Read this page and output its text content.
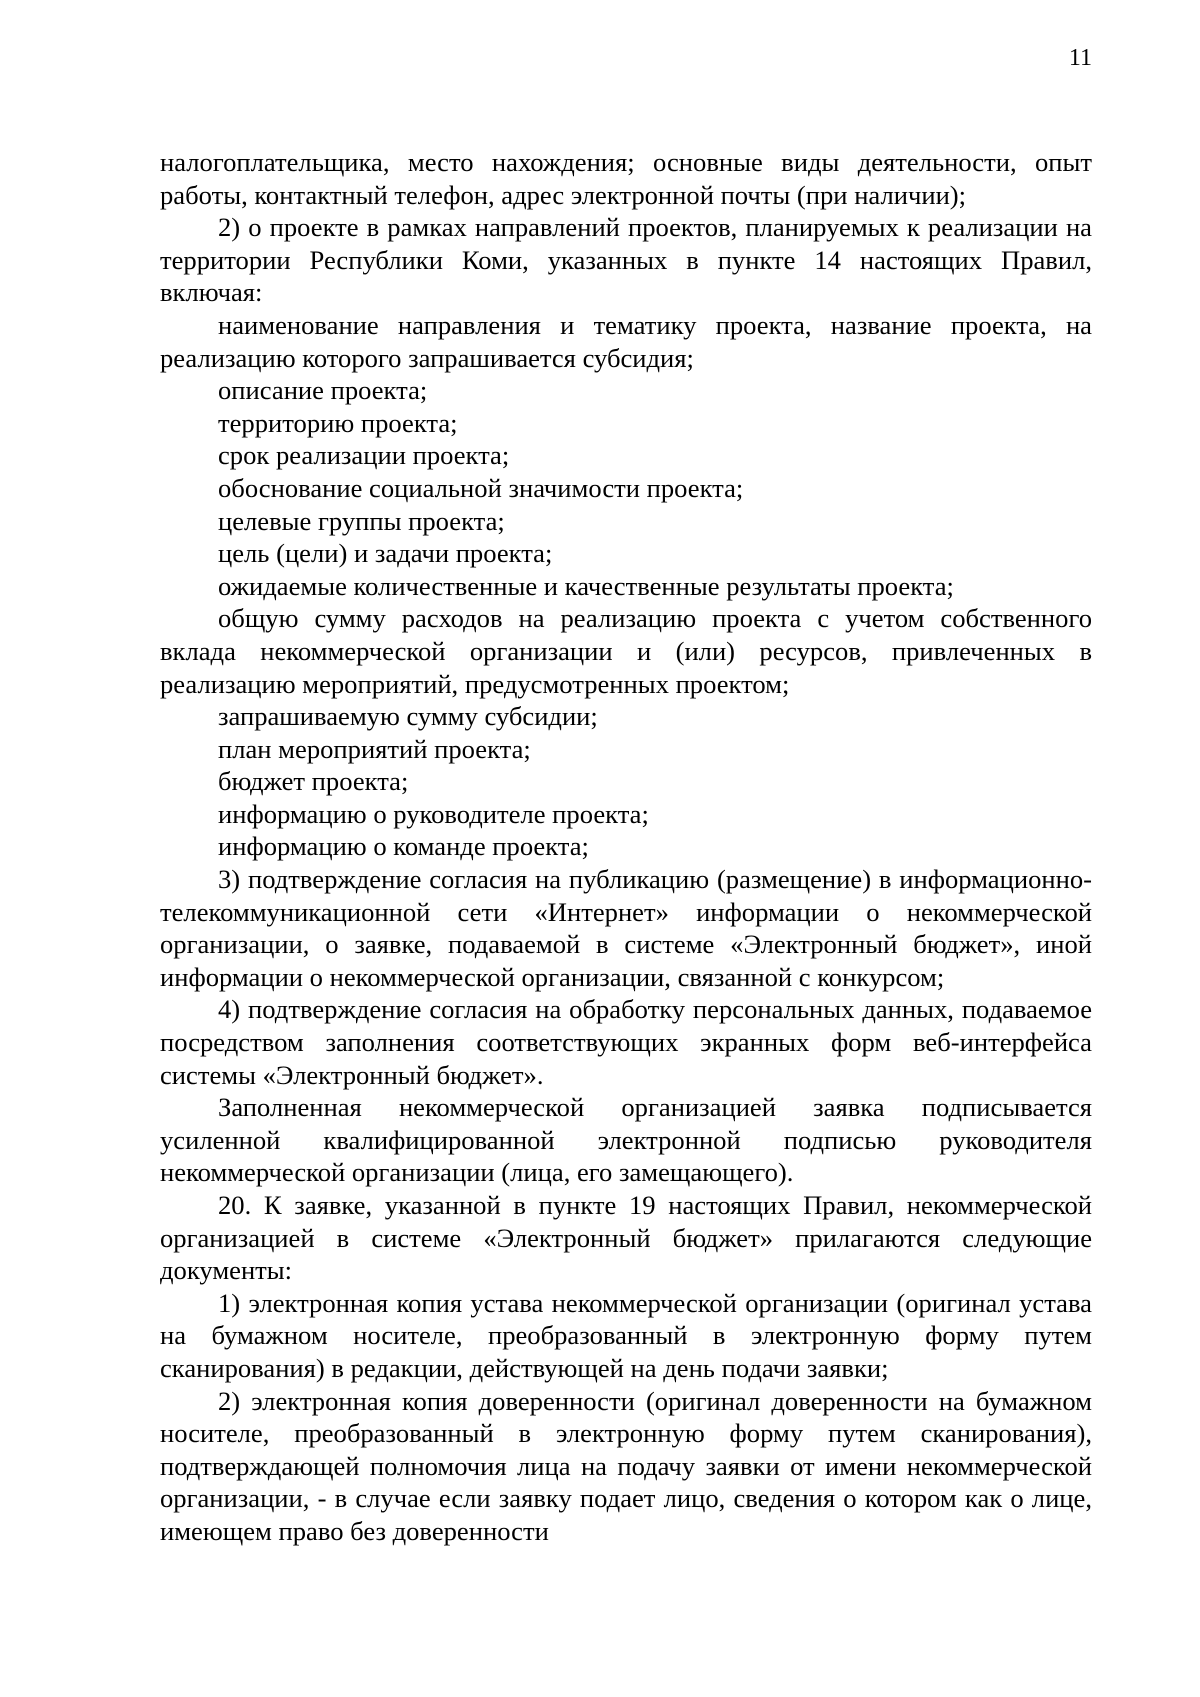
11

налогоплательщика, место нахождения; основные виды деятельности, опыт работы, контактный телефон, адрес электронной почты (при наличии);

2) о проекте в рамках направлений проектов, планируемых к реализации на территории Республики Коми, указанных в пункте 14 настоящих Правил, включая:

наименование направления и тематику проекта, название проекта, на реализацию которого запрашивается субсидия;

описание проекта;

территорию проекта;

срок реализации проекта;

обоснование социальной значимости проекта;

целевые группы проекта;

цель (цели) и задачи проекта;

ожидаемые количественные и качественные результаты проекта;

общую сумму расходов на реализацию проекта с учетом собственного вклада некоммерческой организации и (или) ресурсов, привлеченных в реализацию мероприятий, предусмотренных проектом;

запрашиваемую сумму субсидии;

план мероприятий проекта;

бюджет проекта;

информацию о руководителе проекта;

информацию о команде проекта;

3) подтверждение согласия на публикацию (размещение) в информационно-телекоммуникационной сети «Интернет» информации о некоммерческой организации, о заявке, подаваемой в системе «Электронный бюджет», иной информации о некоммерческой организации, связанной с конкурсом;

4) подтверждение согласия на обработку персональных данных, подаваемое посредством заполнения соответствующих экранных форм веб-интерфейса системы «Электронный бюджет».

Заполненная некоммерческой организацией заявка подписывается усиленной квалифицированной электронной подписью руководителя некоммерческой организации (лица, его замещающего).

20. К заявке, указанной в пункте 19 настоящих Правил, некоммерческой организацией в системе «Электронный бюджет» прилагаются следующие документы:

1) электронная копия устава некоммерческой организации (оригинал устава на бумажном носителе, преобразованный в электронную форму путем сканирования) в редакции, действующей на день подачи заявки;

2) электронная копия доверенности (оригинал доверенности на бумажном носителе, преобразованный в электронную форму путем сканирования), подтверждающей полномочия лица на подачу заявки от имени некоммерческой организации, - в случае если заявку подает лицо, сведения о котором как о лице, имеющем право без доверенности
